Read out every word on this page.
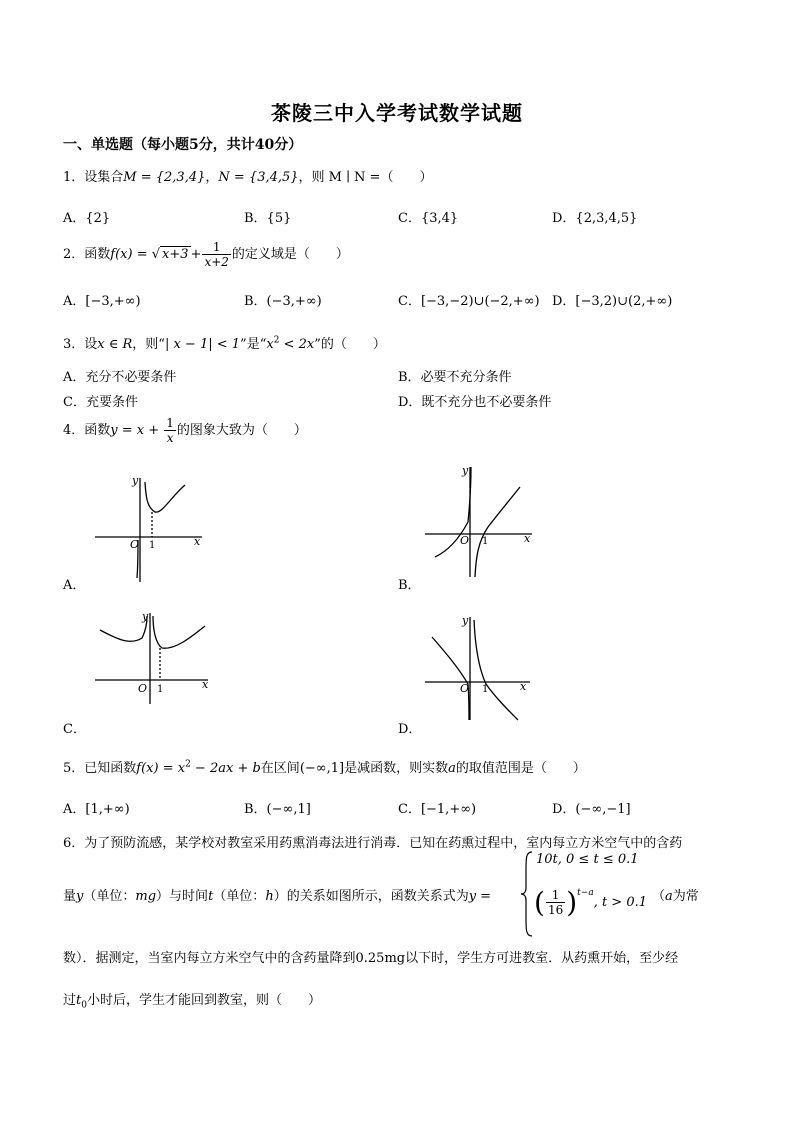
茶陵三中入学考试数学试题
一、单选题（每小题5分，共计40分）
1．设集合M = {2,3,4}，N = {3,4,5}，则 M ∣ N =（　　）
A．{2}	B．{5}	C．{3,4}	D．{2,3,4,5}
2．函数f(x) = √ $x+3 + \frac{1}{x+2}$ 的定义域是（　　）
A．[−3,+∞)	B．(−3,+∞)	C．[−3,−2)∪(−2,+∞) D．[−3,2)∪(2,+∞)
3．设x ∈ R，则“| x − 1| < 1”是“$x^2 < 2x$”的（　　）
A．充分不必要条件	B．必要不充分条件
C．充要条件	D．既不充分也不必要条件
4．函数$y = x + \frac{1}{x}$ 的图象大致为（　　）
y
O 1	x
A．
y
O 1	x
B．
y
O 1	x
C．
y
O 1	x
D．
5．已知函数$f(x) = x^2 - 2ax + b$在区间(−∞,1]是减函数，则实数a的取值范围是（　　）
A．[1,+∞)	B．(−∞,1]	C．[−1,+∞)	D．(−∞,−1]
6．为了预防流感，某学校对教室采用药熏消毒法进行消毒．已知在药熏过程中，室内每立方米空气中的含药
量y（单位：mg）与时间t（单位：h）的关系如图所示，函数关系式为y =
10t, 0 ≤ t ≤ 0.1
( $\frac{1}{16} )^{t-a}$, t > 0.1 （a为常
数）．据测定，当室内每立方米空气中的含药量降到0.25mg以下时，学生方可进教室．从药熏开始，至少经
过$t_0$小时后，学生才能回到教室，则（　　）
